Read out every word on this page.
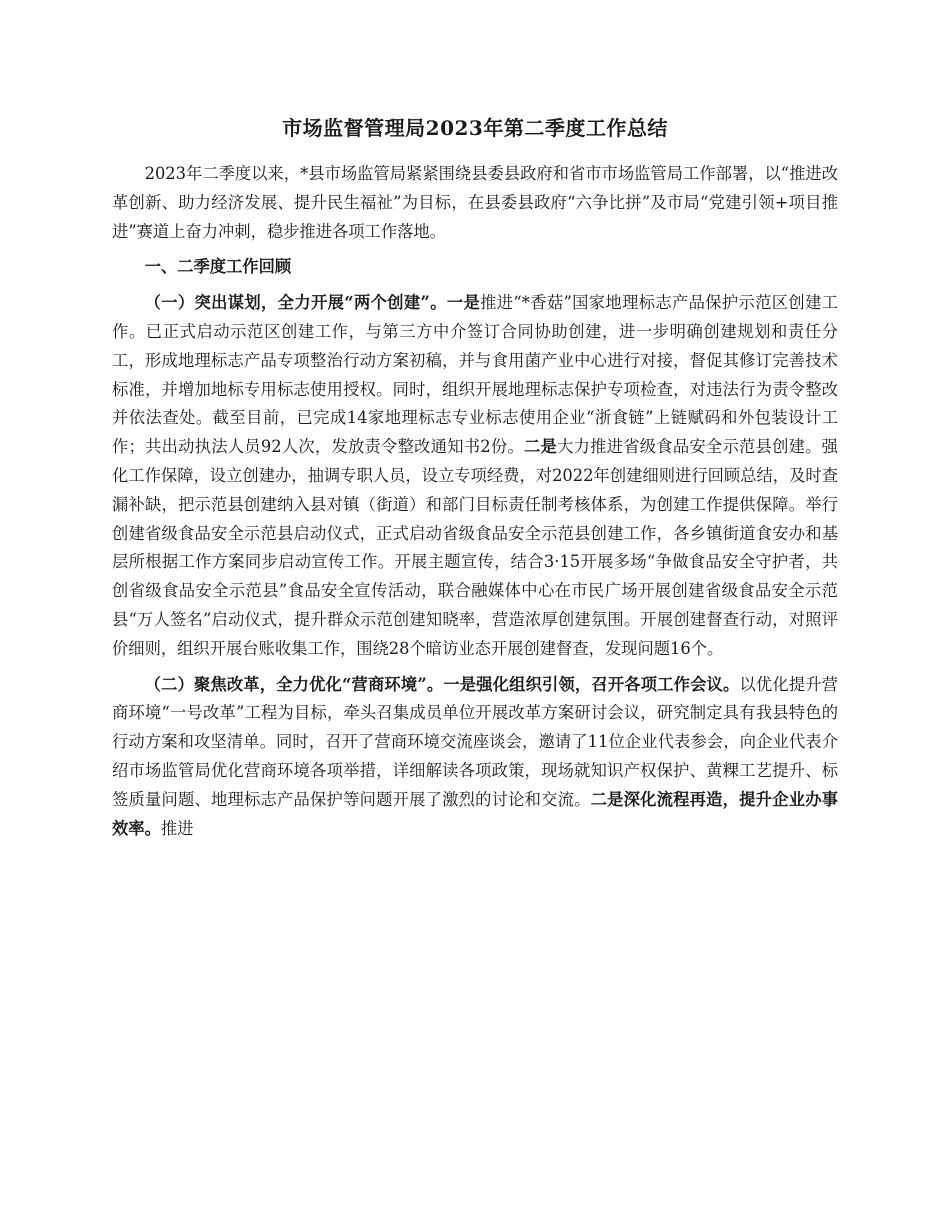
市场监督管理局2023年第二季度工作总结

2023年二季度以来，*县市场监管局紧紧围绕县委县政府和省市市场监管局工作部署，以“推进改革创新、助力经济发展、提升民生福祉”为目标，在县委县政府“六争比拼”及市局“党建引领+项目推进”赛道上奋力冲刺，稳步推进各项工作落地。

一、二季度工作回顾

（一）突出谋划，全力开展“两个创建”。一是推进“*香菇”国家地理标志产品保护示范区创建工作。已正式启动示范区创建工作，与第三方中介签订合同协助创建，进一步明确创建规划和责任分工，形成地理标志产品专项整治行动方案初稿，并与食用菌产业中心进行对接，督促其修订完善技术标准，并增加地标专用标志使用授权。同时，组织开展地理标志保护专项检查，对违法行为责令整改并依法查处。截至目前，已完成14家地理标志专业标志使用企业“浙食链”上链赋码和外包装设计工作；共出动执法人员92人次，发放责令整改通知书2份。二是大力推进省级食品安全示范县创建。强化工作保障，设立创建办，抽调专职人员，设立专项经费，对2022年创建细则进行回顾总结，及时查漏补缺，把示范县创建纳入县对镇（街道）和部门目标责任制考核体系，为创建工作提供保障。举行创建省级食品安全示范县启动仪式，正式启动省级食品安全示范县创建工作，各乡镇街道食安办和基层所根据工作方案同步启动宣传工作。开展主题宣传，结合3·15开展多场“争做食品安全守护者，共创省级食品安全示范县”食品安全宣传活动，联合融媒体中心在市民广场开展创建省级食品安全示范县“万人签名”启动仪式，提升群众示范创建知晓率，营造浓厚创建氛围。开展创建督查行动，对照评价细则，组织开展台账收集工作，围绕28个暗访业态开展创建督查，发现问题16个。

（二）聚焦改革，全力优化“营商环境”。一是强化组织引领，召开各项工作会议。以优化提升营商环境“一号改革”工程为目标，牵头召集成员单位开展改革方案研讨会议，研究制定具有我县特色的行动方案和攻坚清单。同时，召开了营商环境交流座谈会，邀请了11位企业代表参会，向企业代表介绍市场监管局优化营商环境各项举措，详细解读各项政策，现场就知识产权保护、黄粿工艺提升、标签质量问题、地理标志产品保护等问题开展了激烈的讨论和交流。二是深化流程再造，提升企业办事效率。推进
